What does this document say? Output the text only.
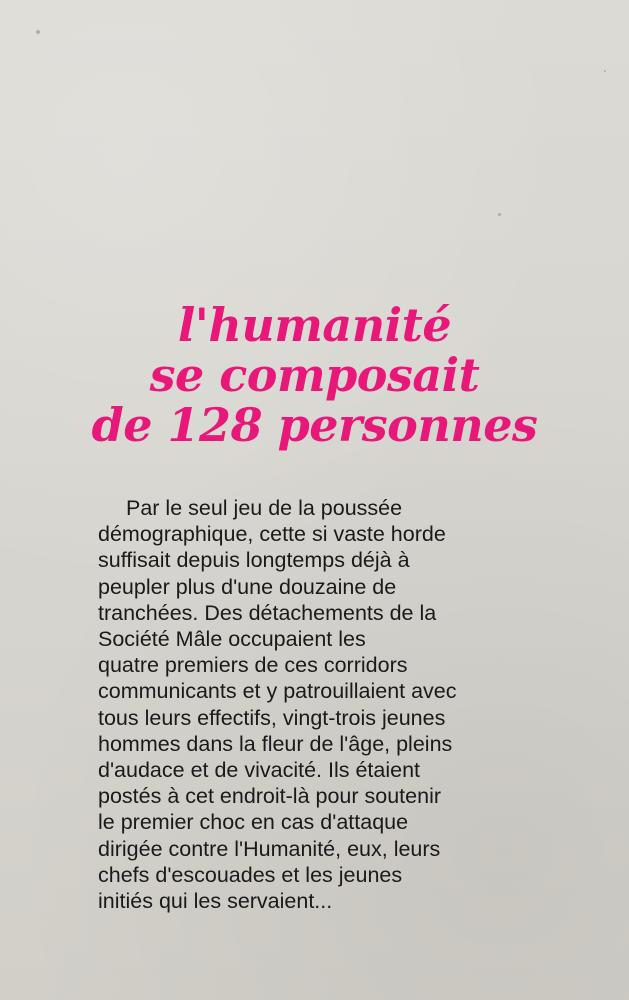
l'humanité
se composait
de 128 personnes

Par le seul jeu de la poussée
démographique, cette si vaste horde
suffisait depuis longtemps déjà à
peupler plus d'une douzaine de
tranchées. Des détachements de la
Société Mâle occupaient les
quatre premiers de ces corridors
communicants et y patrouillaient avec
tous leurs effectifs, vingt-trois jeunes
hommes dans la fleur de l'âge, pleins
d'audace et de vivacité. Ils étaient
postés à cet endroit-là pour soutenir
le premier choc en cas d'attaque
dirigée contre l'Humanité, eux, leurs
chefs d'escouades et les jeunes
initiés qui les servaient...
